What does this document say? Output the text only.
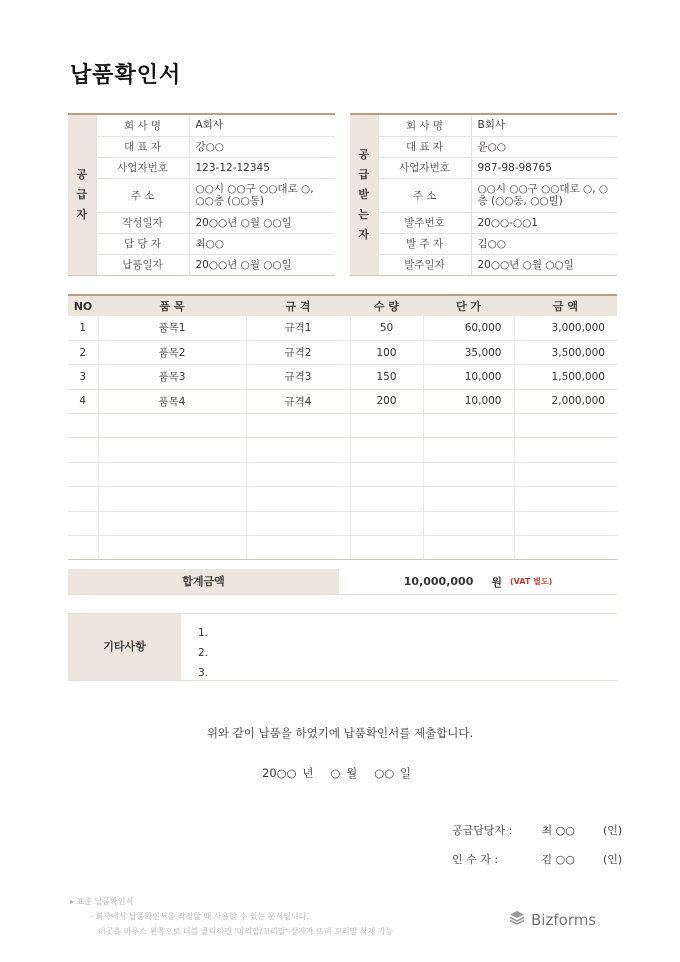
납품확인서
공
급
자	회 사 명	A회사
	대 표 자	강○○
	사업자번호	123-12-12345
	주 소	○○시 ○○구 ○○대로 ○, ○○층 (○○동)
	작성일자	20○○년 ○월 ○○일
	담 당 자	최○○
	납품일자	20○○년 ○월 ○○일
공
급
받
는
자	회 사 명	B회사
	대 표 자	윤○○
	사업자번호	987-98-98765
	주 소	○○시 ○○구 ○○대로 ○, ○층 (○○동, ○○빌)
	발주번호	20○○-○○1
	발 주 자	김○○
	발주일자	20○○년 ○월 ○○일
NO	품 목	규 격	수 량	단 가	금 액
1	품목1	규격1	50	60,000	3,000,000
2	품목2	규격2	100	35,000	3,500,000
3	품목3	규격3	150	10,000	1,500,000
4	품목4	규격4	200	10,000	2,000,000

합계금액	10,000,000 원 (VAT 별도)
기타사항
1.
2.
3.
위와 같이 납품을 하였기에 납품확인서를 제출합니다.
20○○ 년   ○ 월   ○○ 일
공급담당자 :	최 ○○	(인)
인 수 자 :	김 ○○	(인)
▸ 표준 납품확인서
- 회사에서 납품확인서를 작성할 때 사용할 수 있는 문서입니다.
이곳을 마우스 왼쪽으로 더블 클릭하면 '머리말/꼬리말' 상자가 뜨며 꼬리말 삭제 가능
Bizforms
